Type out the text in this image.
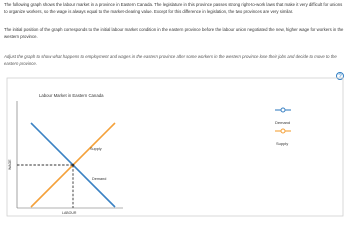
The following graph shows the labour market in a province in Eastern Canada. The legislature in this province passes strong right-to-work laws that make it very difficult for unions to organize workers, so the wage is always equal to the market-clearing value. Except for this difference in legislation, the two provinces are very similar.

The initial position of the graph corresponds to the initial labour market condition in the eastern province before the labour union negotiated the new, higher wage for workers in the western province.

Adjust the graph to show what happens to employment and wages in the eastern province after some workers in the western province lose their jobs and decide to move to the eastern province.

?
Labour Market in Eastern Canada
WAGE
LABOUR
Supply
Demand
Demand
Supply
